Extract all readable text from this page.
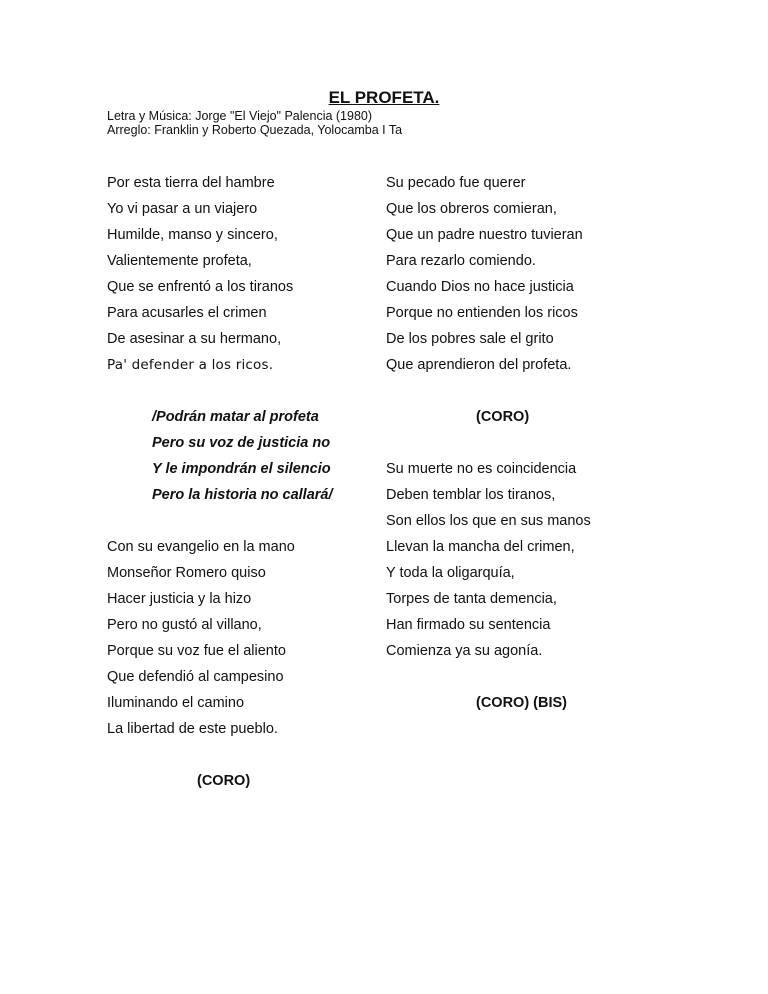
EL PROFETA.
Letra y Música: Jorge "El Viejo" Palencia (1980)
Arreglo: Franklin y Roberto Quezada, Yolocamba I Ta
Por esta tierra del hambre
Yo vi pasar a un viajero
Humilde, manso y sincero,
Valientemente profeta,
Que se enfrentó a los tiranos
Para acusarles el crimen
De asesinar a su hermano,
Pa' defender a los ricos.
/Podrán matar al profeta
Pero su voz de justicia no
Y le impondrán el silencio
Pero la historia no callará/
Con su evangelio en la mano
Monseñor Romero quiso
Hacer justicia y la hizo
Pero no gustó al villano,
Porque su voz fue el aliento
Que defendió al campesino
Iluminando el camino
La libertad de este pueblo.
(CORO)
Su pecado fue querer
Que los obreros comieran,
Que un padre nuestro tuvieran
Para rezarlo comiendo.
Cuando Dios no hace justicia
Porque no entienden los ricos
De los pobres sale el grito
Que aprendieron del profeta.
(CORO)
Su muerte no es coincidencia
Deben temblar los tiranos,
Son ellos los que en sus manos
Llevan la mancha del crimen,
Y toda la oligarquía,
Torpes de tanta demencia,
Han firmado su sentencia
Comienza ya su agonía.
(CORO) (BIS)
